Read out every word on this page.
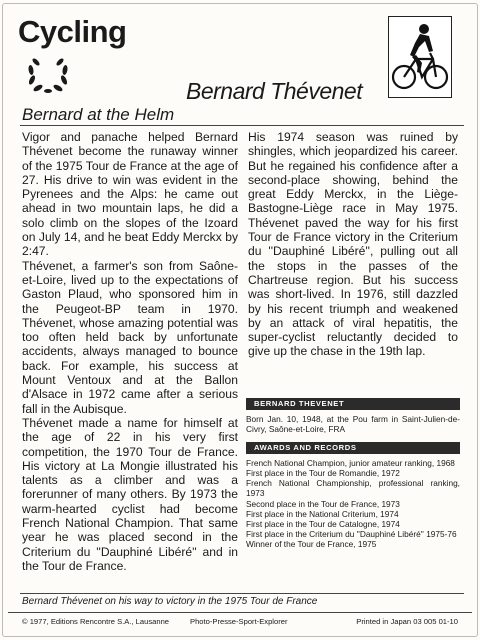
Cycling
Bernard Thévenet
Bernard at the Helm

Vigor and panache helped Bernard Thévenet become the runaway winner of the 1975 Tour de France at the age of 27. His drive to win was evident in the Pyrenees and the Alps: he came out ahead in two mountain laps, he did a solo climb on the slopes of the Izoard on July 14, and he beat Eddy Merckx by 2:47.

Thévenet, a farmer's son from Saône-et-Loire, lived up to the expectations of Gaston Plaud, who sponsored him in the Peugeot-BP team in 1970. Thévenet, whose amazing potential was too often held back by unfortunate accidents, always managed to bounce back. For example, his success at Mount Ventoux and at the Ballon d'Alsace in 1972 came after a serious fall in the Aubisque.

Thévenet made a name for himself at the age of 22 in his very first competition, the 1970 Tour de France. His victory at La Mongie illustrated his talents as a climber and was a forerunner of many others. By 1973 the warm-hearted cyclist had become French National Champion. That same year he was placed second in the Criterium du ''Dauphiné Libéré'' and in the Tour de France.

His 1974 season was ruined by shingles, which jeopardized his career. But he regained his confidence after a second-place showing, behind the great Eddy Merckx, in the Liège-Bastogne-Liège race in May 1975. Thévenet paved the way for his first Tour de France victory in the Criterium du ''Dauphiné Libéré'', pulling out all the stops in the passes of the Chartreuse region. But his success was short-lived. In 1976, still dazzled by his recent triumph and weakened by an attack of viral hepatitis, the super-cyclist reluctantly decided to give up the chase in the 19th lap.

BERNARD THEVENET
Born Jan. 10, 1948, at the Pou farm in Saint-Julien-de-Civry, Saône-et-Loire, FRA
AWARDS AND RECORDS
French National Champion, junior amateur ranking, 1968
First place in the Tour de Romandie, 1972
French National Championship, professional ranking, 1973
Second place in the Tour de France, 1973
First place in the National Criterium, 1974
First place in the Tour de Catalogne, 1974
First place in the Criterium du ''Dauphiné Libéré'' 1975-76
Winner of the Tour de France, 1975
Bernard Thévenet on his way to victory in the 1975 Tour de France
© 1977, Editions Rencontre S.A., Lausanne	Photo-Presse-Sport-Explorer	Printed in Japan 03 005 01-10
